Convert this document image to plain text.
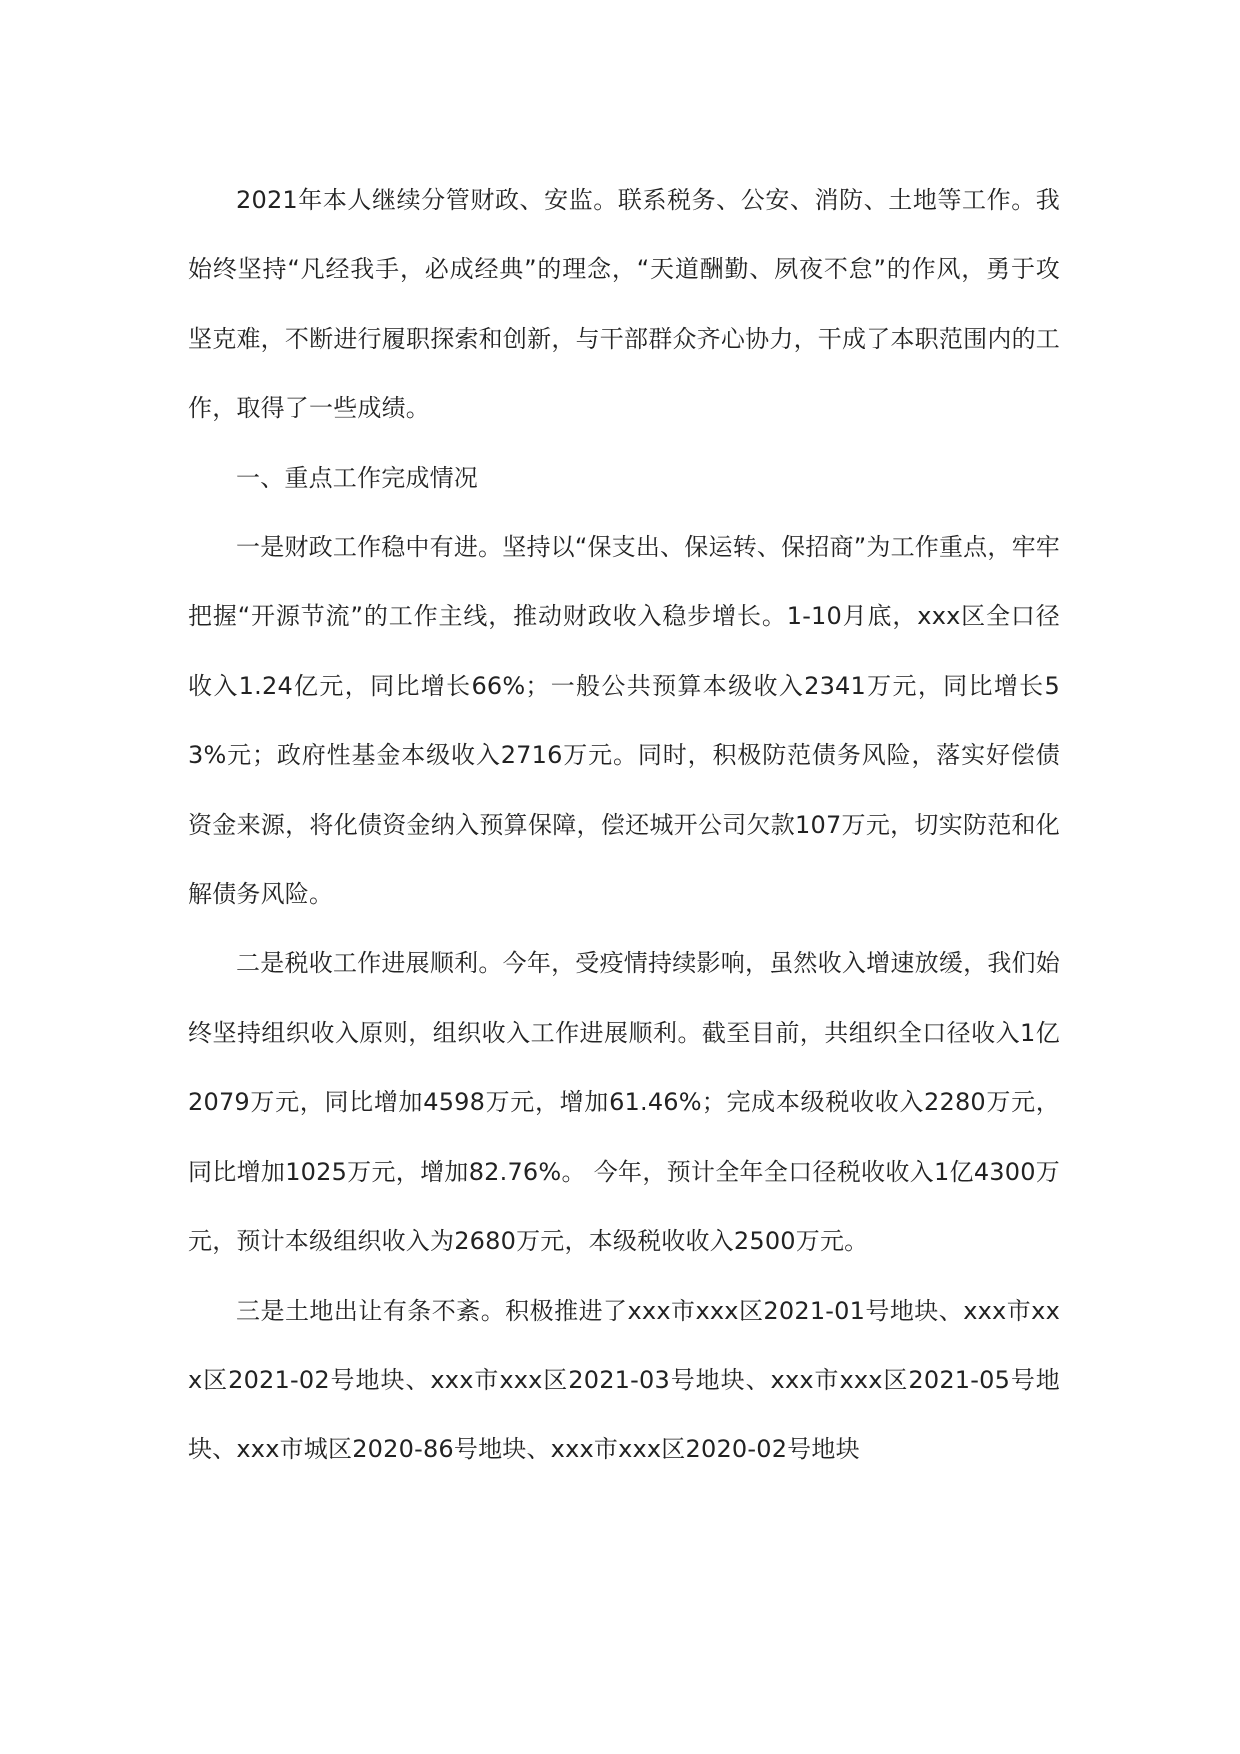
2021年本人继续分管财政、安监。联系税务、公安、消防、土地等工作。我始终坚持“凡经我手，必成经典”的理念，“天道酬勤、夙夜不怠”的作风，勇于攻坚克难，不断进行履职探索和创新，与干部群众齐心协力，干成了本职范围内的工作，取得了一些成绩。

一、重点工作完成情况

一是财政工作稳中有进。坚持以“保支出、保运转、保招商”为工作重点，牢牢把握“开源节流”的工作主线，推动财政收入稳步增长。1-10月底，xxx区全口径收入1.24亿元，同比增长66%；一般公共预算本级收入2341万元，同比增长53%元；政府性基金本级收入2716万元。同时，积极防范债务风险，落实好偿债资金来源，将化债资金纳入预算保障，偿还城开公司欠款107万元，切实防范和化解债务风险。

二是税收工作进展顺利。今年，受疫情持续影响，虽然收入增速放缓，我们始终坚持组织收入原则，组织收入工作进展顺利。截至目前，共组织全口径收入1亿2079万元，同比增加4598万元，增加61.46%；完成本级税收收入2280万元，同比增加1025万元，增加82.76%。 今年，预计全年全口径税收收入1亿4300万元，预计本级组织收入为2680万元，本级税收收入2500万元。

三是土地出让有条不紊。积极推进了xxx市xxx区2021-01号地块、xxx市xxx区2021-02号地块、xxx市xxx区2021-03号地块、xxx市xxx区2021-05号地块、xxx市城区2020-86号地块、xxx市xxx区2020-02号地块
